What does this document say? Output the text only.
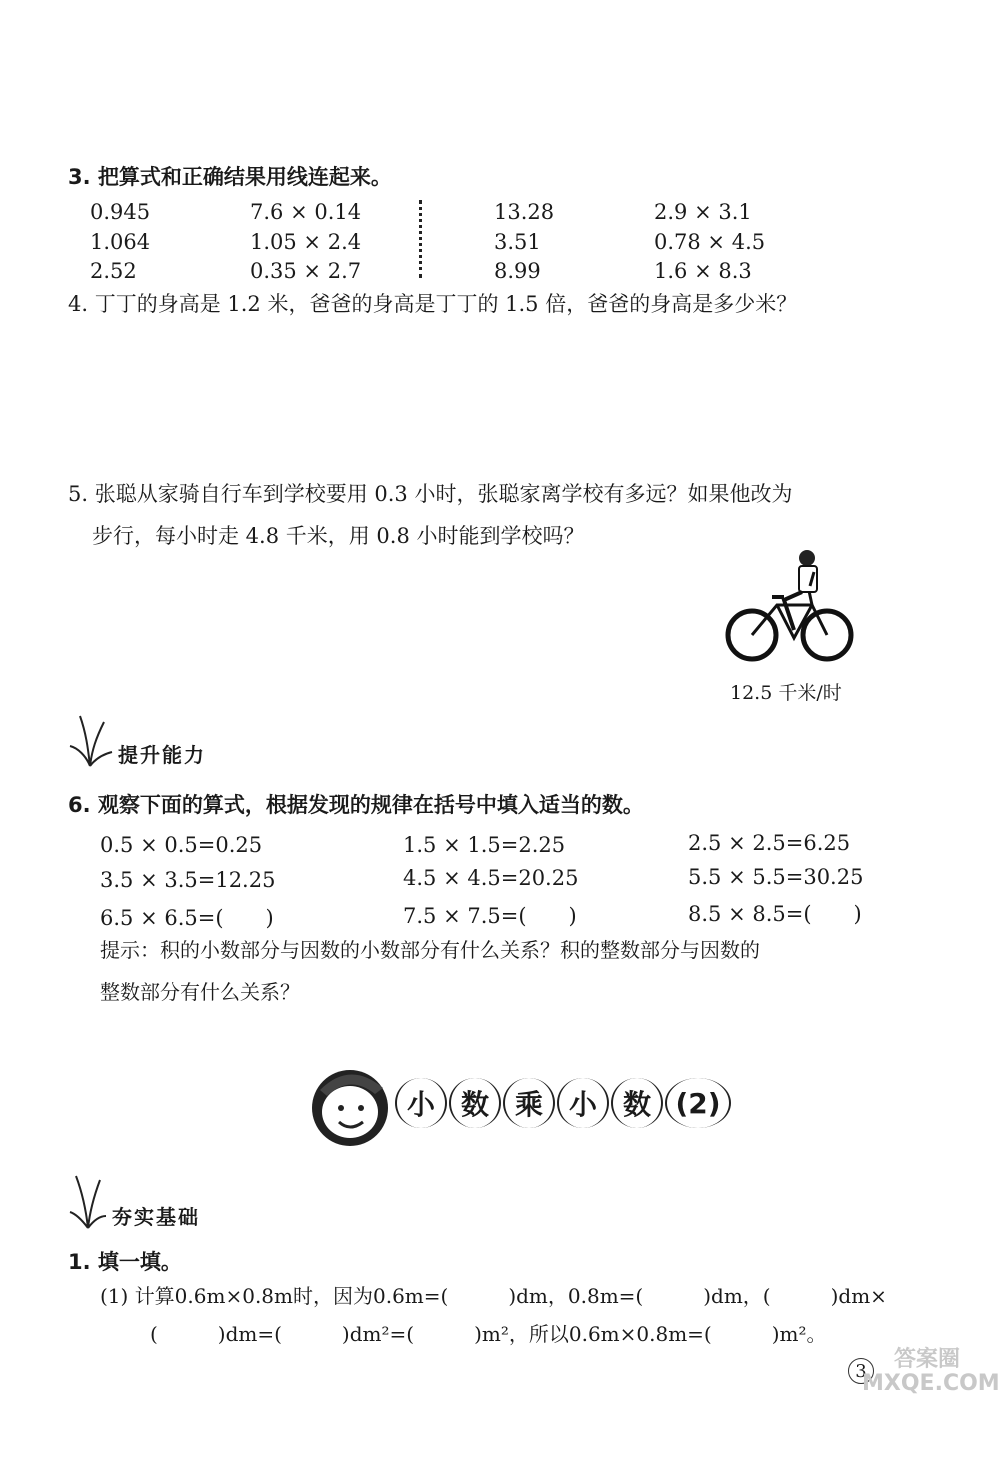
3. 把算式和正确结果用线连起来。
0.945	7.6 × 0.14
1.064	1.05 × 2.4
2.52	0.35 × 2.7
13.28	2.9 × 3.1
3.51	0.78 × 4.5
8.99	1.6 × 8.3
4. 丁丁的身高是 1.2 米，爸爸的身高是丁丁的 1.5 倍，爸爸的身高是多少米？
5. 张聪从家骑自行车到学校要用 0.3 小时，张聪家离学校有多远？如果他改为
步行，每小时走 4.8 千米，用 0.8 小时能到学校吗？
12.5 千米/时
提升能力
6. 观察下面的算式，根据发现的规律在括号中填入适当的数。
0.5 × 0.5=0.25	1.5 × 1.5=2.25	2.5 × 2.5=6.25
3.5 × 3.5=12.25	4.5 × 4.5=20.25	5.5 × 5.5=30.25
6.5 × 6.5=(　　)	7.5 × 7.5=(　　)	8.5 × 8.5=(　　)
提示：积的小数部分与因数的小数部分有什么关系？积的整数部分与因数的
整数部分有什么关系？
小 数 乘 小 数 (2)
夯实基础
1. 填一填。
(1) 计算0.6m×0.8m时，因为0.6m=(　　　)dm，0.8m=(　　　)dm，(　　　)dm×
(　　　)dm=(　　　)dm²=(　　　)m²，所以0.6m×0.8m=(　　　)m²。
3	答案圈 MXQE.COM
